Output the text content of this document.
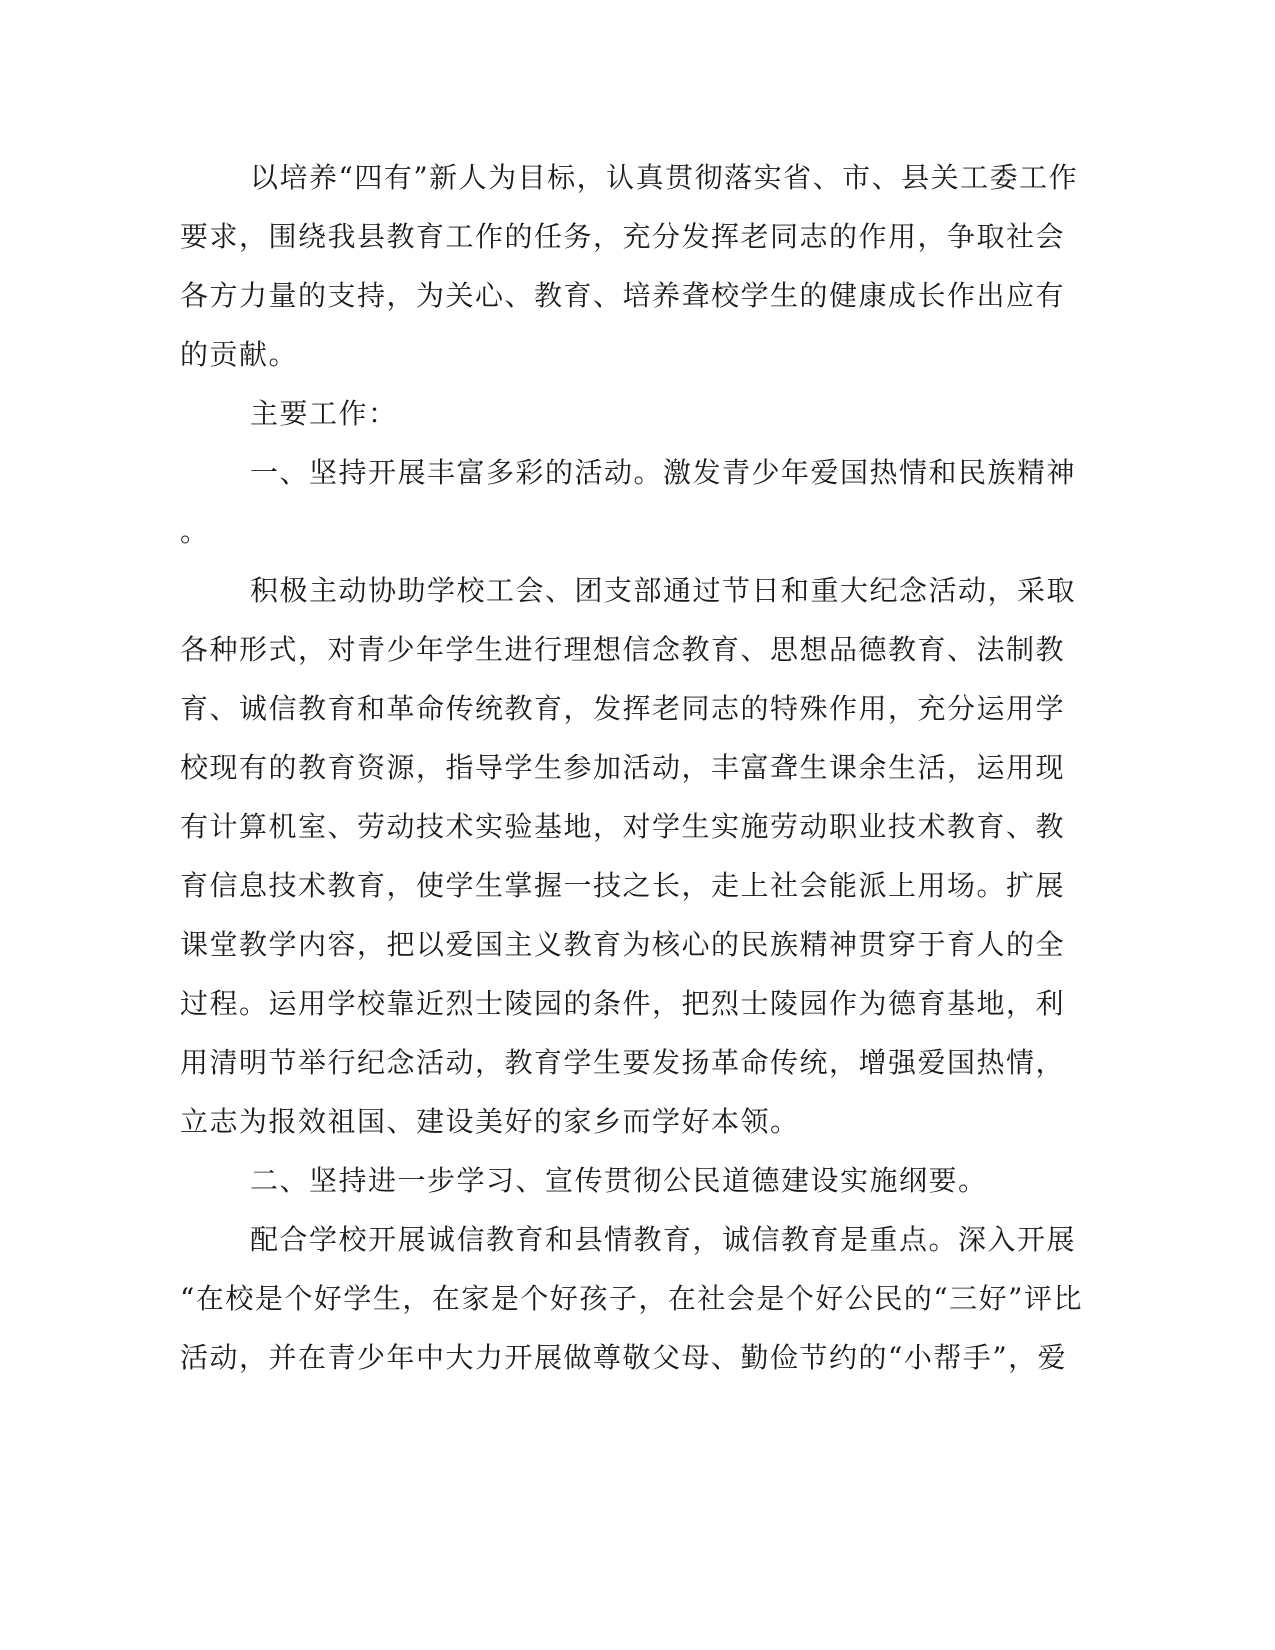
以培养“四有”新人为目标，认真贯彻落实省、市、县关工委工作
要求，围绕我县教育工作的任务，充分发挥老同志的作用，争取社会
各方力量的支持，为关心、教育、培养聋校学生的健康成长作出应有
的贡献。
主要工作：
一、坚持开展丰富多彩的活动。激发青少年爱国热情和民族精神
。
积极主动协助学校工会、团支部通过节日和重大纪念活动，采取
各种形式，对青少年学生进行理想信念教育、思想品德教育、法制教
育、诚信教育和革命传统教育，发挥老同志的特殊作用，充分运用学
校现有的教育资源，指导学生参加活动，丰富聋生课余生活，运用现
有计算机室、劳动技术实验基地，对学生实施劳动职业技术教育、教
育信息技术教育，使学生掌握一技之长，走上社会能派上用场。扩展
课堂教学内容，把以爱国主义教育为核心的民族精神贯穿于育人的全
过程。运用学校靠近烈士陵园的条件，把烈士陵园作为德育基地，利
用清明节举行纪念活动，教育学生要发扬革命传统，增强爱国热情，
立志为报效祖国、建设美好的家乡而学好本领。
二、坚持进一步学习、宣传贯彻公民道德建设实施纲要。
配合学校开展诚信教育和县情教育，诚信教育是重点。深入开展
“在校是个好学生，在家是个好孩子，在社会是个好公民的“三好”评比
活动，并在青少年中大力开展做尊敬父母、勤俭节约的“小帮手”，爱
